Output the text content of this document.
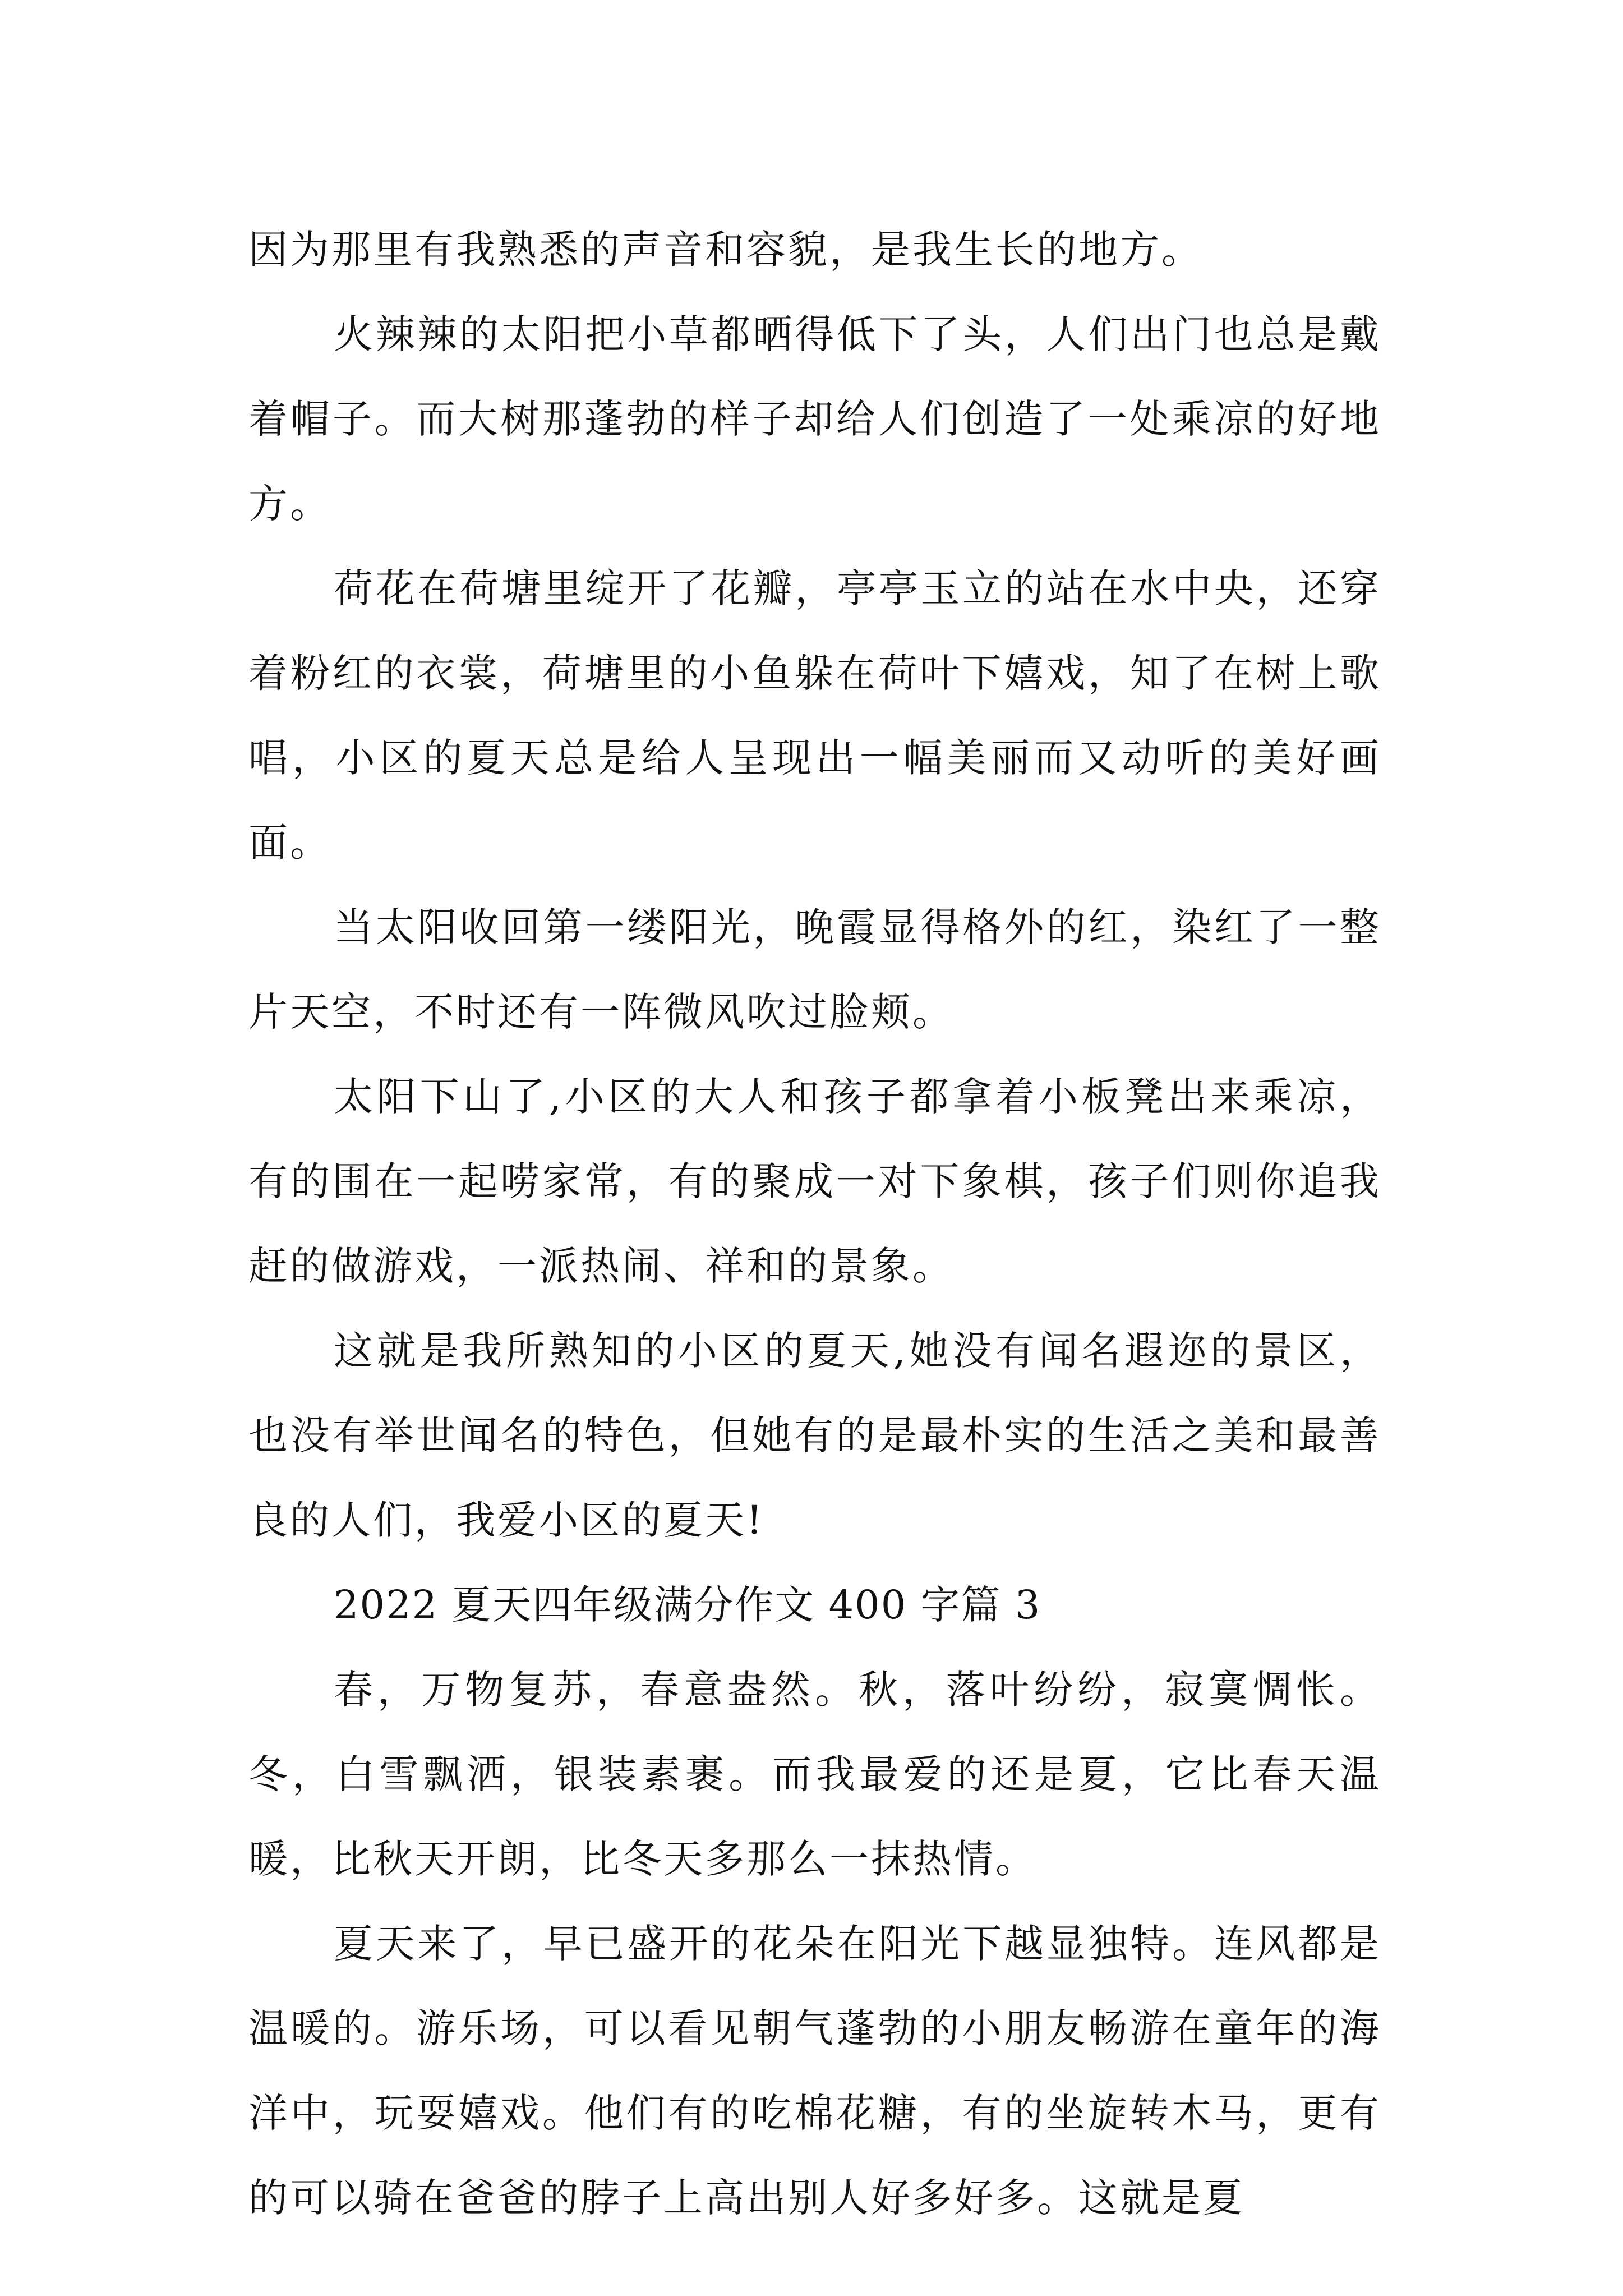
因为那里有我熟悉的声音和容貌，是我生长的地方。

火辣辣的太阳把小草都晒得低下了头，人们出门也总是戴着帽子。而大树那蓬勃的样子却给人们创造了一处乘凉的好地方。

荷花在荷塘里绽开了花瓣，亭亭玉立的站在水中央，还穿着粉红的衣裳，荷塘里的小鱼躲在荷叶下嬉戏，知了在树上歌唱，小区的夏天总是给人呈现出一幅美丽而又动听的美好画面。

当太阳收回第一缕阳光，晚霞显得格外的红，染红了一整片天空，不时还有一阵微风吹过脸颊。

太阳下山了,小区的大人和孩子都拿着小板凳出来乘凉，有的围在一起唠家常，有的聚成一对下象棋，孩子们则你追我赶的做游戏，一派热闹、祥和的景象。

这就是我所熟知的小区的夏天,她没有闻名遐迩的景区，也没有举世闻名的特色，但她有的是最朴实的生活之美和最善良的人们，我爱小区的夏天!

2022 夏天四年级满分作文 400 字篇 3

春，万物复苏，春意盎然。秋，落叶纷纷，寂寞惆怅。冬，白雪飘洒，银装素裹。而我最爱的还是夏，它比春天温暖，比秋天开朗，比冬天多那么一抹热情。

夏天来了，早已盛开的花朵在阳光下越显独特。连风都是温暖的。游乐场，可以看见朝气蓬勃的小朋友畅游在童年的海洋中，玩耍嬉戏。他们有的吃棉花糖，有的坐旋转木马，更有的可以骑在爸爸的脖子上高出别人好多好多。这就是夏
